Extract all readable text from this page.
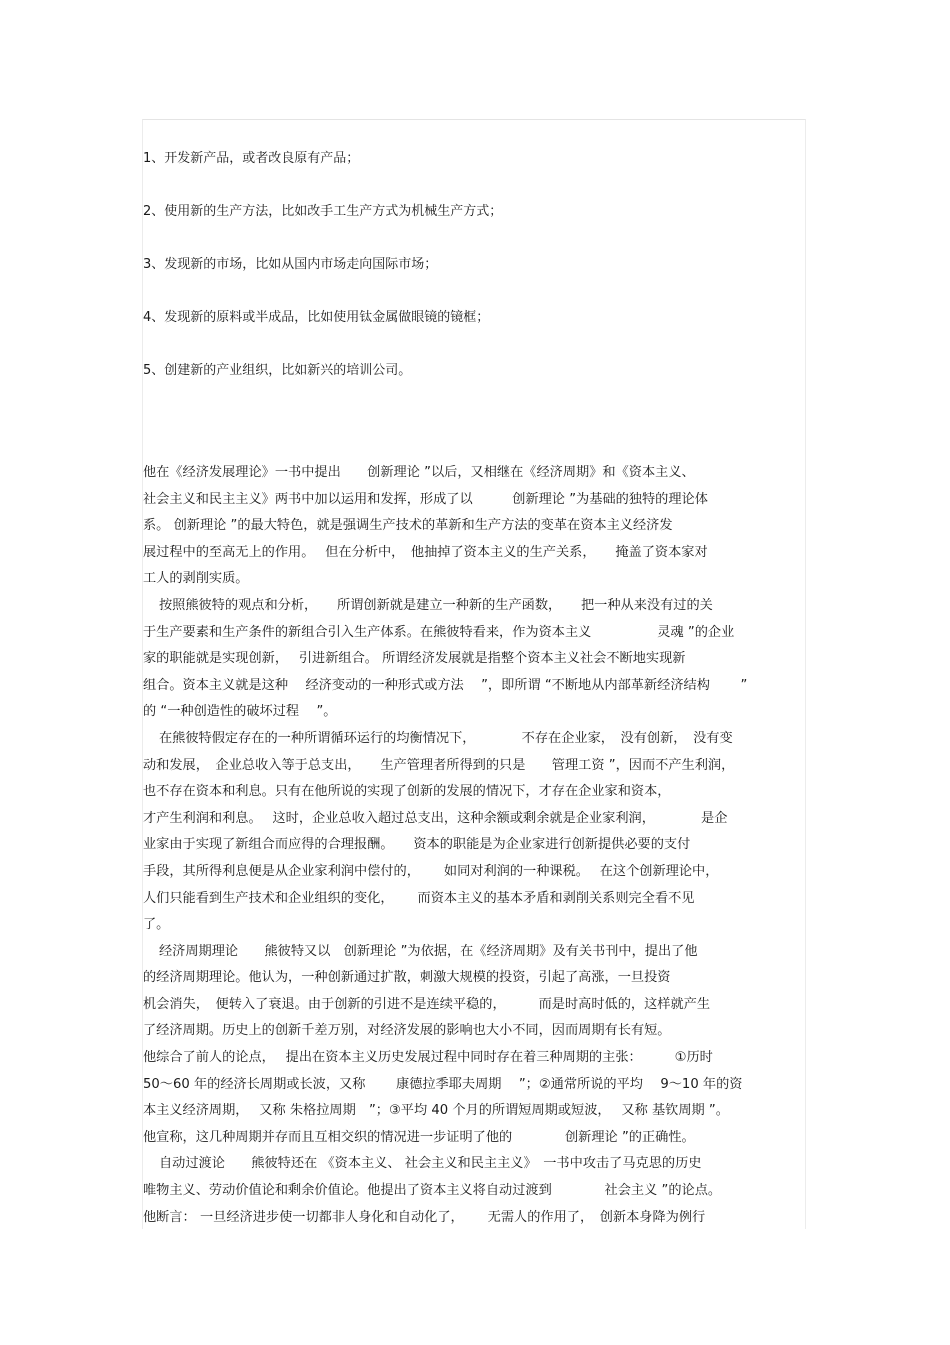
1、开发新产品，或者改良原有产品；
2、使用新的生产方法，比如改手工生产方式为机械生产方式；
3、发现新的市场，比如从国内市场走向国际市场；
4、发现新的原料或半成品，比如使用钛金属做眼镜的镜框；
5、创建新的产业组织，比如新兴的培训公司。
他在《经济发展理论》一书中提出　　创新理论 ”以后，又相继在《经济周期》和《资本主义、
社会主义和民主主义》两书中加以运用和发挥，形成了以　　　创新理论 ”为基础的独特的理论体
系。 创新理论 ”的最大特色，就是强调生产技术的革新和生产方法的变革在资本主义经济发
展过程中的至高无上的作用。　 但在分析中，　他抽掉了资本主义的生产关系，　　掩盖了资本家对
工人的剥削实质。
按照熊彼特的观点和分析，　　所谓创新就是建立一种新的生产函数，　　把一种从来没有过的关
于生产要素和生产条件的新组合引入生产体系。在熊彼特看来，作为资本主义　　　　　灵魂 ”的企业
家的职能就是实现创新，　 引进新组合。 所谓经济发展就是指整个资本主义社会不断地实现新
组合。资本主义就是这种　 经济变动的一种形式或方法　 ”，即所谓 “不断地从内部革新经济结构　　 ”
的 “一种创造性的破坏过程　 ”。
在熊彼特假定存在的一种所谓循环运行的均衡情况下，　　　　不存在企业家，　没有创新，　没有变
动和发展，　企业总收入等于总支出，　　生产管理者所得到的只是　　管理工资 ”，因而不产生利润，
也不存在资本和利息。只有在他所说的实现了创新的发展的情况下，才存在企业家和资本，
才产生利润和利息。　 这时，企业总收入超过总支出，这种余额或剩余就是企业家利润，　　　　是企
业家由于实现了新组合而应得的合理报酬。　　资本的职能是为企业家进行创新提供必要的支付
手段，其所得利息便是从企业家利润中偿付的，　　 如同对利润的一种课税。　 在这个创新理论中，
人们只能看到生产技术和企业组织的变化，　　 而资本主义的基本矛盾和剥削关系则完全看不见
了。
经济周期理论　　熊彼特又以　创新理论 ”为依据，在《经济周期》及有关书刊中，提出了他
的经济周期理论。他认为，一种创新通过扩散，刺激大规模的投资，引起了高涨，一旦投资
机会消失，　便转入了衰退。由于创新的引进不是连续平稳的，　　　而是时高时低的，这样就产生
了经济周期。历史上的创新千差万别，对经济发展的影响也大小不同，因而周期有长有短。
他综合了前人的论点，　 提出在资本主义历史发展过程中同时存在着三种周期的主张：　　　①历时
50～60 年的经济长周期或长波，又称　　 康德拉季耶夫周期　 ”；②通常所说的平均　 9～10 年的资
本主义经济周期，　 又称 朱格拉周期　”；③平均 40 个月的所谓短周期或短波，　 又称 基钦周期 ”。
他宣称，这几种周期并存而且互相交织的情况进一步证明了他的　　　　创新理论 ”的正确性。
自动过渡论　　熊彼特还在 《资本主义、 社会主义和民主主义》　一书中攻击了马克思的历史
唯物主义、劳动价值论和剩余价值论。他提出了资本主义将自动过渡到　　　　社会主义 ”的论点。
他断言： 一旦经济进步使一切都非人身化和自动化了，　　 无需人的作用了，　创新本身降为例行
